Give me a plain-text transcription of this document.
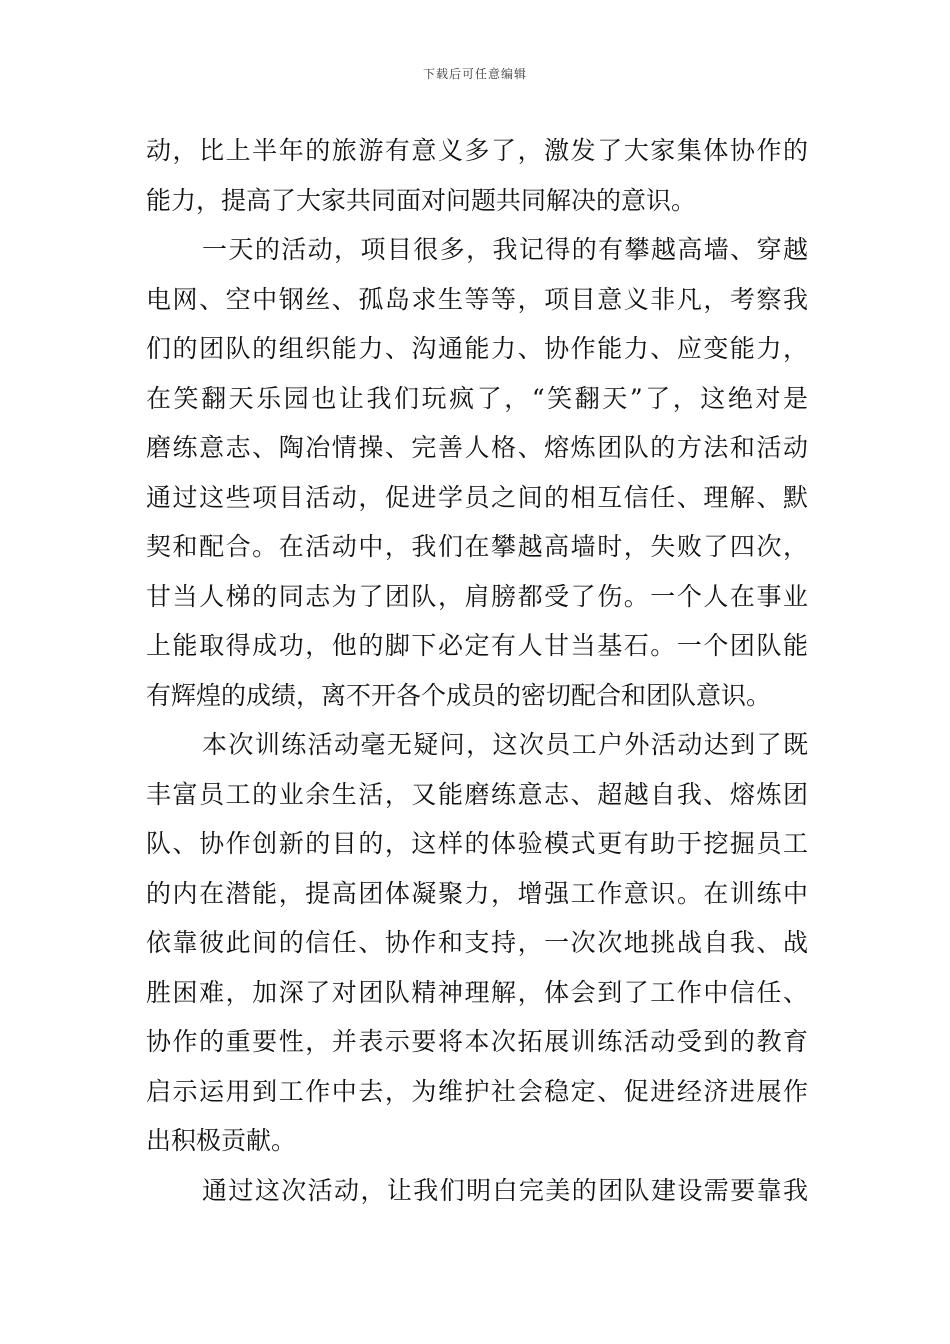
下载后可任意编辑
动，比上半年的旅游有意义多了，激发了大家集体协作的
能力，提高了大家共同面对问题共同解决的意识。
一天的活动，项目很多，我记得的有攀越高墙、穿越
电网、空中钢丝、孤岛求生等等，项目意义非凡，考察我
们的团队的组织能力、沟通能力、协作能力、应变能力，
在笑翻天乐园也让我们玩疯了，“笑翻天”了，这绝对是
磨练意志、陶冶情操、完善人格、熔炼团队的方法和活动
通过这些项目活动，促进学员之间的相互信任、理解、默
契和配合。在活动中，我们在攀越高墙时，失败了四次，
甘当人梯的同志为了团队，肩膀都受了伤。一个人在事业
上能取得成功，他的脚下必定有人甘当基石。一个团队能
有辉煌的成绩，离不开各个成员的密切配合和团队意识。
本次训练活动毫无疑问，这次员工户外活动达到了既
丰富员工的业余生活，又能磨练意志、超越自我、熔炼团
队、协作创新的目的，这样的体验模式更有助于挖掘员工
的内在潜能，提高团体凝聚力，增强工作意识。在训练中
依靠彼此间的信任、协作和支持，一次次地挑战自我、战
胜困难，加深了对团队精神理解，体会到了工作中信任、
协作的重要性，并表示要将本次拓展训练活动受到的教育
启示运用到工作中去，为维护社会稳定、促进经济进展作
出积极贡献。
通过这次活动，让我们明白完美的团队建设需要靠我
